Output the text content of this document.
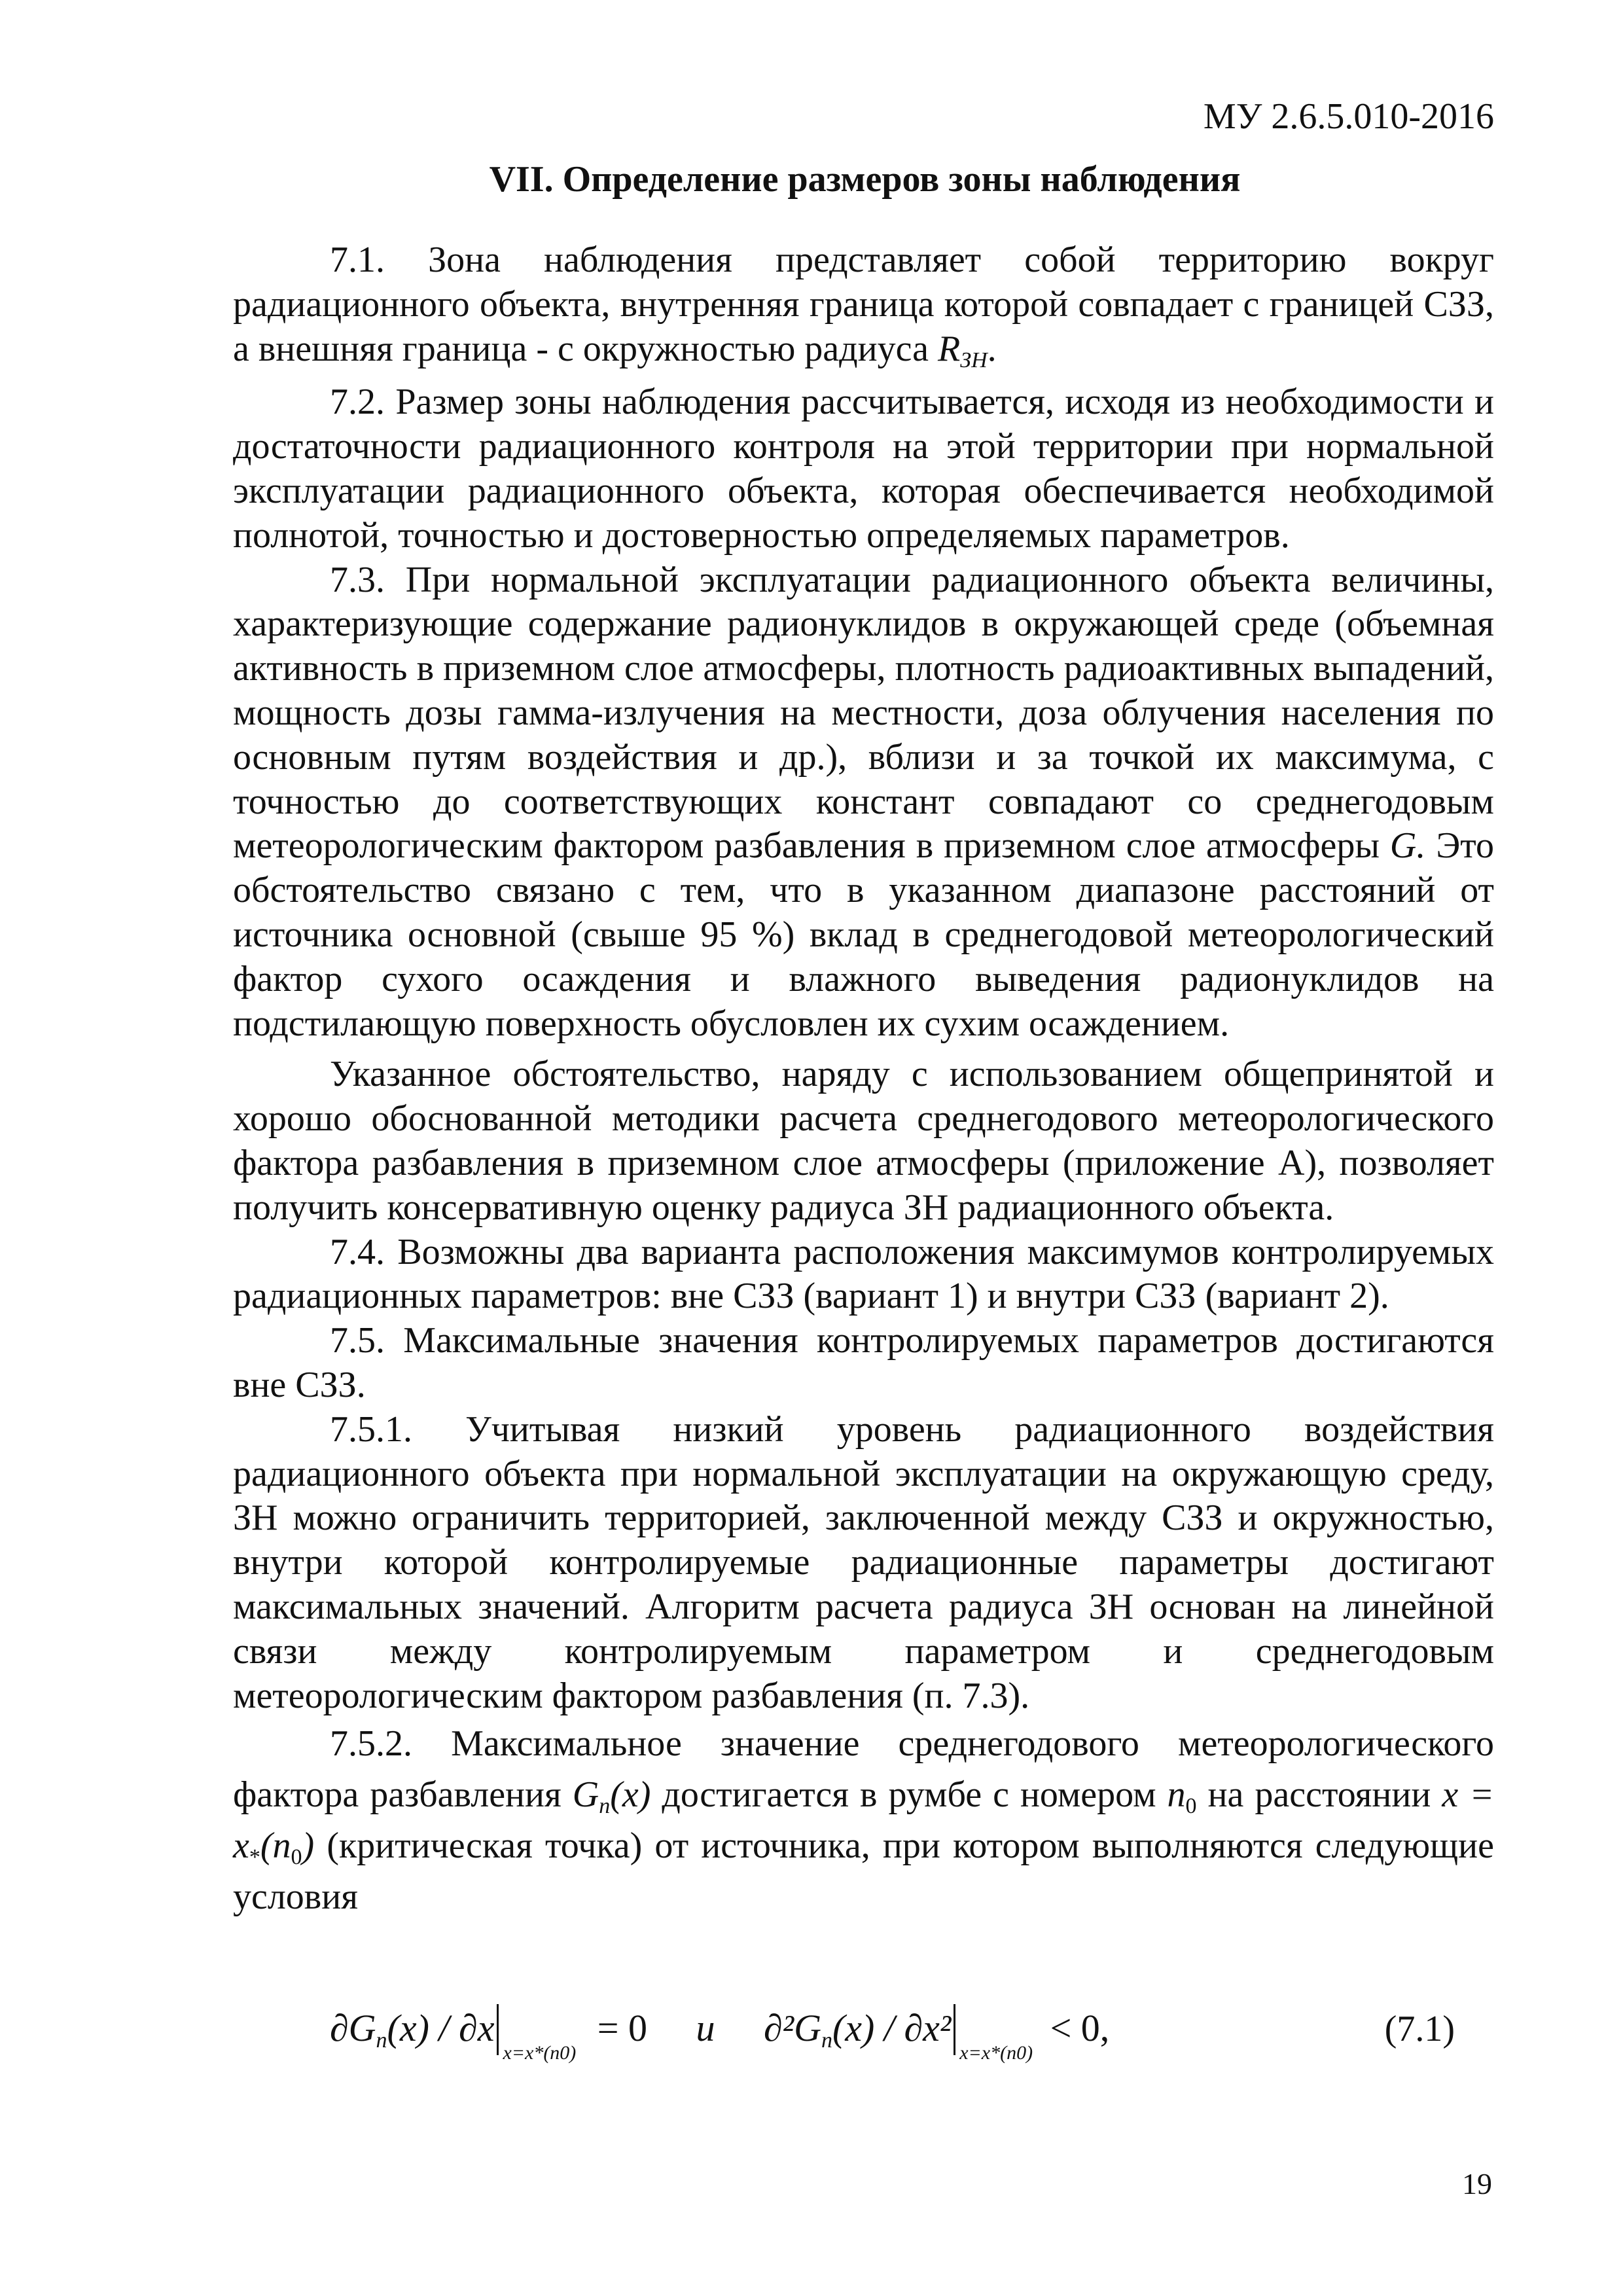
МУ 2.6.5.010-2016
VII. Определение размеров зоны наблюдения

7.1. Зона наблюдения представляет собой территорию вокруг радиационного объекта, внутренняя граница которой совпадает с границей СЗЗ, а внешняя граница - с окружностью радиуса $R_{ЗН}$.

7.2. Размер зоны наблюдения рассчитывается, исходя из необходимости и достаточности радиационного контроля на этой территории при нормальной эксплуатации радиационного объекта, которая обеспечивается необходимой полнотой, точностью и достоверностью определяемых параметров.

7.3. При нормальной эксплуатации радиационного объекта величины, характеризующие содержание радионуклидов в окружающей среде (объемная активность в приземном слое атмосферы, плотность радиоактивных выпадений, мощность дозы гамма-излучения на местности, доза облучения населения по основным путям воздействия и др.), вблизи и за точкой их максимума, с точностью до соответствующих констант совпадают со среднегодовым метеорологическим фактором разбавления в приземном слое атмосферы G. Это обстоятельство связано с тем, что в указанном диапазоне расстояний от источника основной (свыше 95 %) вклад в среднегодовой метеорологический фактор сухого осаждения и влажного выведения радионуклидов на подстилающую поверхность обусловлен их сухим осаждением.

Указанное обстоятельство, наряду с использованием общепринятой и хорошо обоснованной методики расчета среднегодового метеорологического фактора разбавления в приземном слое атмосферы (приложение А), позволяет получить консервативную оценку радиуса ЗН радиационного объекта.

7.4. Возможны два варианта расположения максимумов контролируемых радиационных параметров: вне СЗЗ (вариант 1) и внутри СЗЗ (вариант 2).

7.5. Максимальные значения контролируемых параметров достигаются вне СЗЗ.

7.5.1. Учитывая низкий уровень радиационного воздействия радиационного объекта при нормальной эксплуатации на окружающую среду, ЗН можно ограничить территорией, заключенной между СЗЗ и окружностью, внутри которой контролируемые радиационные параметры достигают максимальных значений. Алгоритм расчета радиуса ЗН основан на линейной связи между контролируемым параметром и среднегодовым метеорологическим фактором разбавления (п. 7.3).

7.5.2. Максимальное значение среднегодового метеорологического фактора разбавления $G_n(x)$ достигается в румбе с номером $n_0$ на расстоянии $x = x_*(n_0)$ (критическая точка) от источника, при котором выполняются следующие условия

$\partial G_n(x) / \partial x_{x=x*(n0)} = 0$ и $\partial^2G_n(x) / \partial x^2_{x=x*(n0)} < 0$,	(7.1)
19
